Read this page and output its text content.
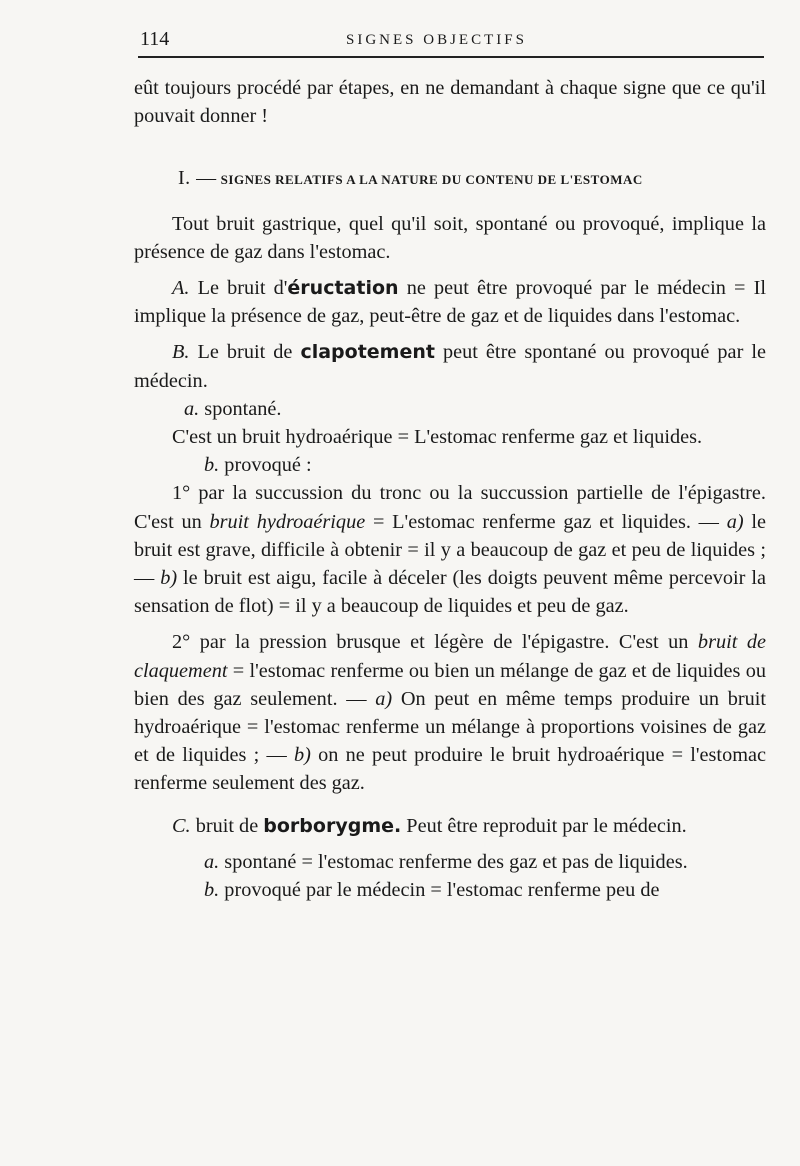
114	SIGNES OBJECTIFS

eût toujours procédé par étapes, en ne demandant à chaque signe que ce qu'il pouvait donner !

I. — SIGNES RELATIFS A LA NATURE DU CONTENU DE L'ESTOMAC

Tout bruit gastrique, quel qu'il soit, spontané ou provoqué, implique la présence de gaz dans l'estomac.

A. Le bruit d'éructation ne peut être provoqué par le médecin = Il implique la présence de gaz, peut-être de gaz et de liquides dans l'estomac.

B. Le bruit de clapotement peut être spontané ou provoqué par le médecin.

a. spontané.

C'est un bruit hydroaérique = L'estomac renferme gaz et liquides.

b. provoqué :

1° par la succussion du tronc ou la succussion partielle de l'épigastre. C'est un bruit hydroaérique = L'estomac renferme gaz et liquides. — a) le bruit est grave, difficile à obtenir = il y a beaucoup de gaz et peu de liquides ; — b) le bruit est aigu, facile à déceler (les doigts peuvent même percevoir la sensation de flot) = il y a beaucoup de liquides et peu de gaz.

2° par la pression brusque et légère de l'épigastre. C'est un bruit de claquement = l'estomac renferme ou bien un mélange de gaz et de liquides ou bien des gaz seulement. — a) On peut en même temps produire un bruit hydroaérique = l'estomac renferme un mélange à proportions voisines de gaz et de liquides ; — b) on ne peut produire le bruit hydroaérique = l'estomac renferme seulement des gaz.

C. bruit de borborygme. Peut être reproduit par le médecin.

a. spontané = l'estomac renferme des gaz et pas de liquides.

b. provoqué par le médecin = l'estomac renferme peu de
